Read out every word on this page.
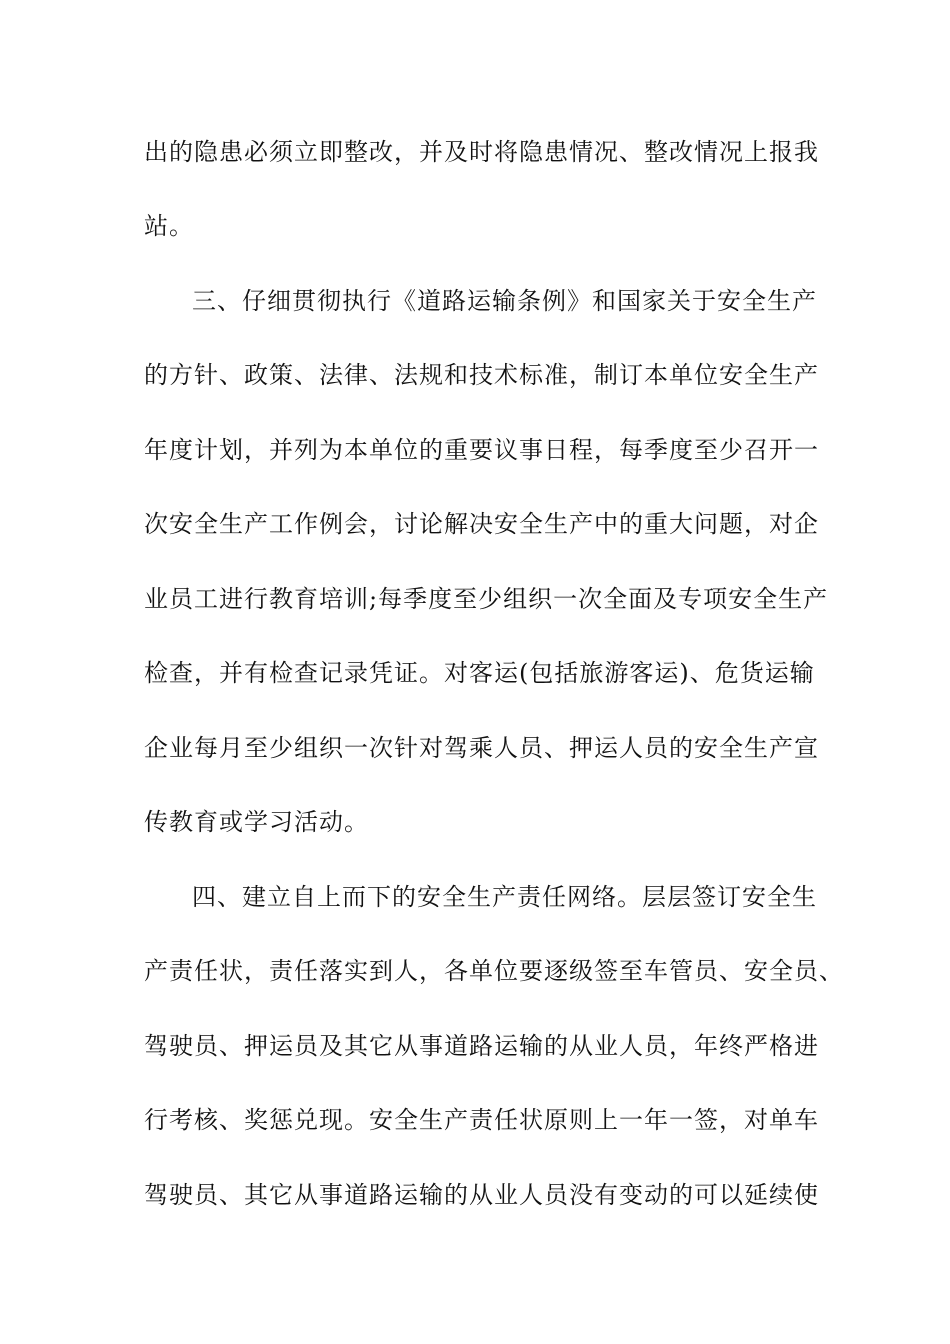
出的隐患必须立即整改，并及时将隐患情况、整改情况上报我
站。
三、仔细贯彻执行《道路运输条例》和国家关于安全生产
的方针、政策、法律、法规和技术标准，制订本单位安全生产
年度计划，并列为本单位的重要议事日程，每季度至少召开一
次安全生产工作例会，讨论解决安全生产中的重大问题，对企
业员工进行教育培训;每季度至少组织一次全面及专项安全生产
检查，并有检查记录凭证。对客运(包括旅游客运)、危货运输
企业每月至少组织一次针对驾乘人员、押运人员的安全生产宣
传教育或学习活动。
四、建立自上而下的安全生产责任网络。层层签订安全生
产责任状，责任落实到人，各单位要逐级签至车管员、安全员、
驾驶员、押运员及其它从事道路运输的从业人员，年终严格进
行考核、奖惩兑现。安全生产责任状原则上一年一签，对单车
驾驶员、其它从事道路运输的从业人员没有变动的可以延续使
